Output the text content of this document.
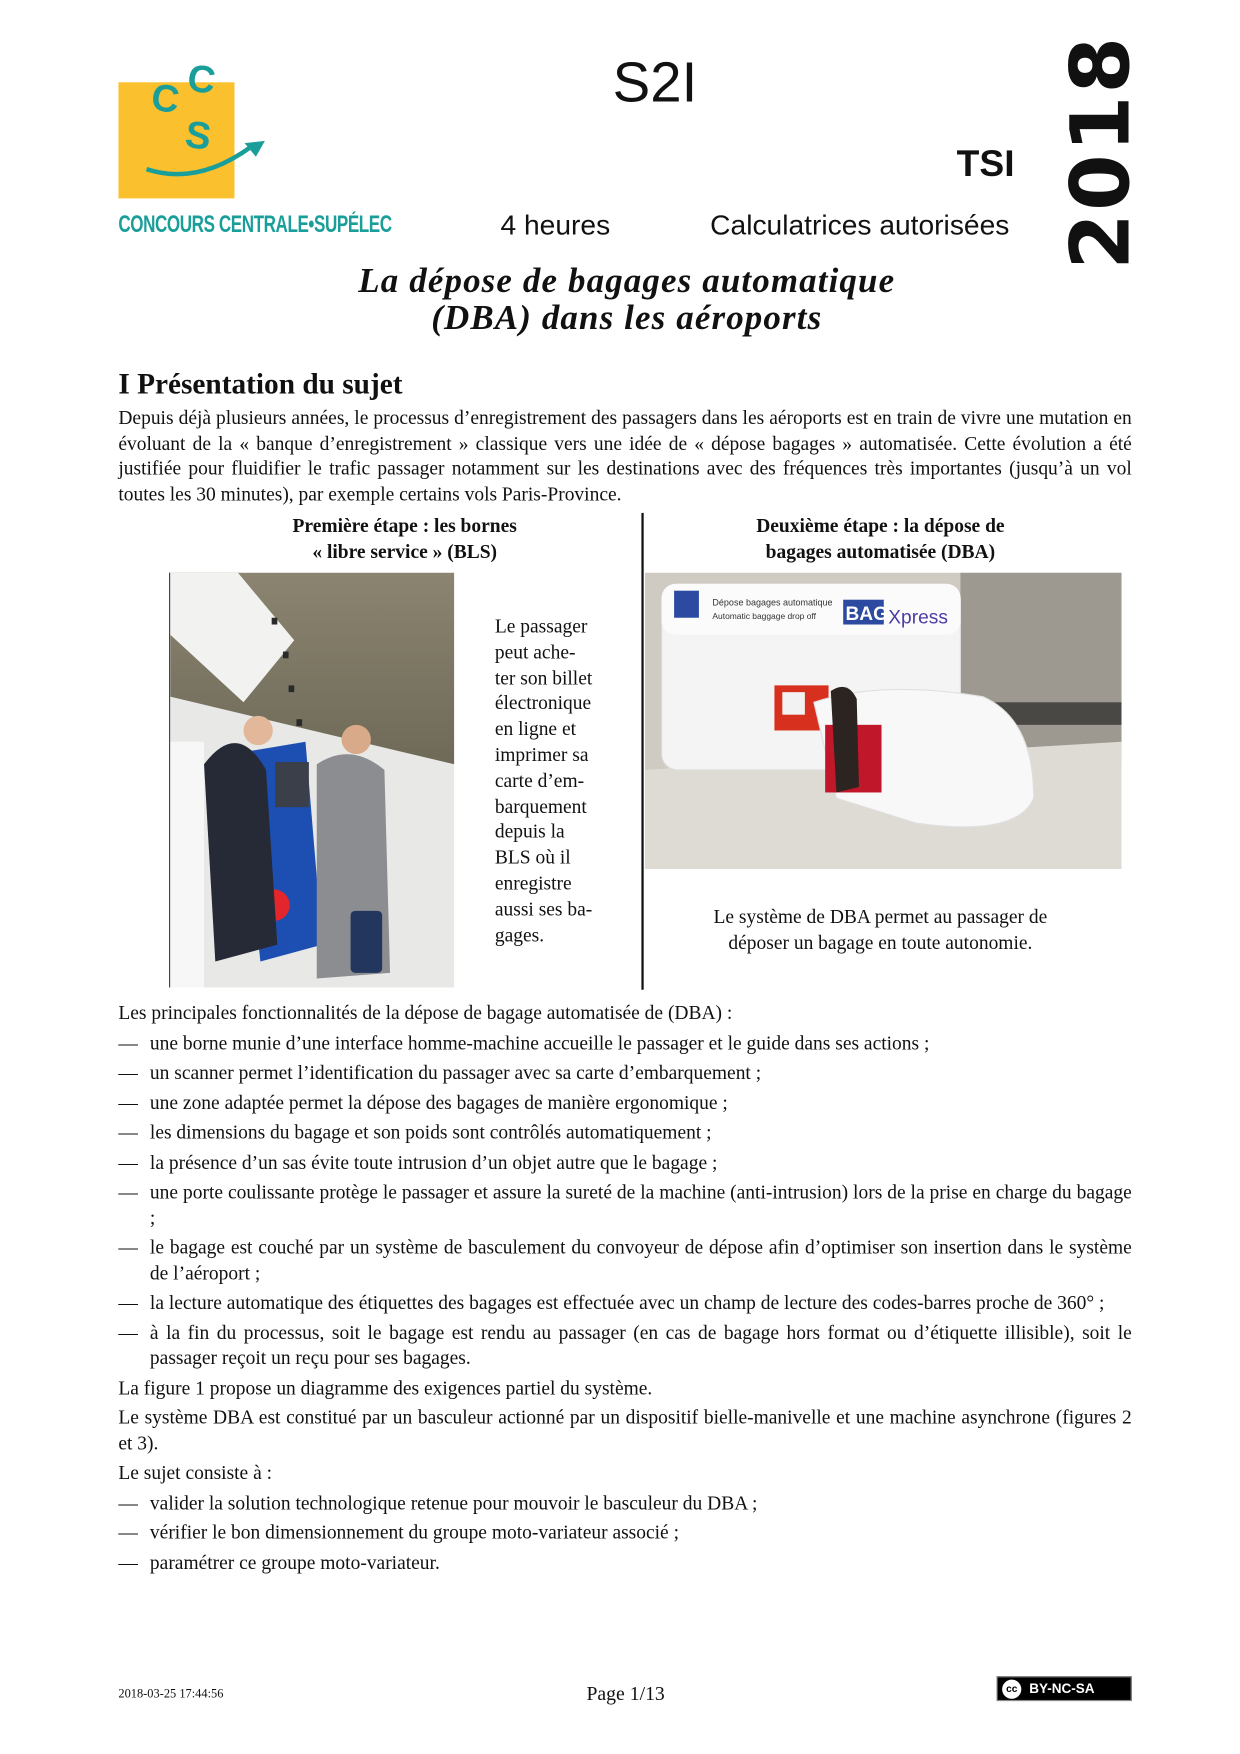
C C
S
CONCOURS CENTRALE•SUPÉLEC
S2I
TSI 2018
4 heures	Calculatrices autorisées
La dépose de bagages automatique
(DBA) dans les aéroports
I Présentation du sujet
Depuis déjà plusieurs années, le processus d’enregistrement des passagers dans les aéroports est en train de vivre une mutation en évoluant de la « banque d’enregistrement » classique vers une idée de « dépose bagages » automatisée. Cette évolution a été justifiée pour fluidifier le trafic passager notamment sur les destinations avec des fréquences très importantes (jusqu’à un vol toutes les 30 minutes), par exemple certains vols Paris-Province.
Première étape : les bornes
« libre service » (BLS)
Deuxième étape : la dépose de
bagages automatisée (DBA)
Le passager
peut ache-
ter son billet
électronique
en ligne et
imprimer sa
carte d’em-
barquement
depuis la
BLS où il
enregistre
aussi ses ba-
gages.
Dépose bagages automatique
Automatic baggage drop off BAG Xpress
Le système de DBA permet au passager de
déposer un bagage en toute autonomie.
Les principales fonctionnalités de la dépose de bagage automatisée de (DBA) :
— une borne munie d’une interface homme-machine accueille le passager et le guide dans ses actions ;
— un scanner permet l’identification du passager avec sa carte d’embarquement ;
— une zone adaptée permet la dépose des bagages de manière ergonomique ;
— les dimensions du bagage et son poids sont contrôlés automatiquement ;
— la présence d’un sas évite toute intrusion d’un objet autre que le bagage ;
— une porte coulissante protège le passager et assure la sureté de la machine (anti-intrusion) lors de la prise en charge du bagage ;
— le bagage est couché par un système de basculement du convoyeur de dépose afin d’optimiser son insertion dans le système de l’aéroport ;
— la lecture automatique des étiquettes des bagages est effectuée avec un champ de lecture des codes-barres proche de 360° ;
— à la fin du processus, soit le bagage est rendu au passager (en cas de bagage hors format ou d’étiquette illisible), soit le passager reçoit un reçu pour ses bagages.
La figure 1 propose un diagramme des exigences partiel du système.
Le système DBA est constitué par un basculeur actionné par un dispositif bielle-manivelle et une machine asynchrone (figures 2 et 3).
Le sujet consiste à :
— valider la solution technologique retenue pour mouvoir le basculeur du DBA ;
— vérifier le bon dimensionnement du groupe moto-variateur associé ;
— paramétrer ce groupe moto-variateur.
2018-03-25 17:44:56	Page 1/13	cc BY-NC-SA
